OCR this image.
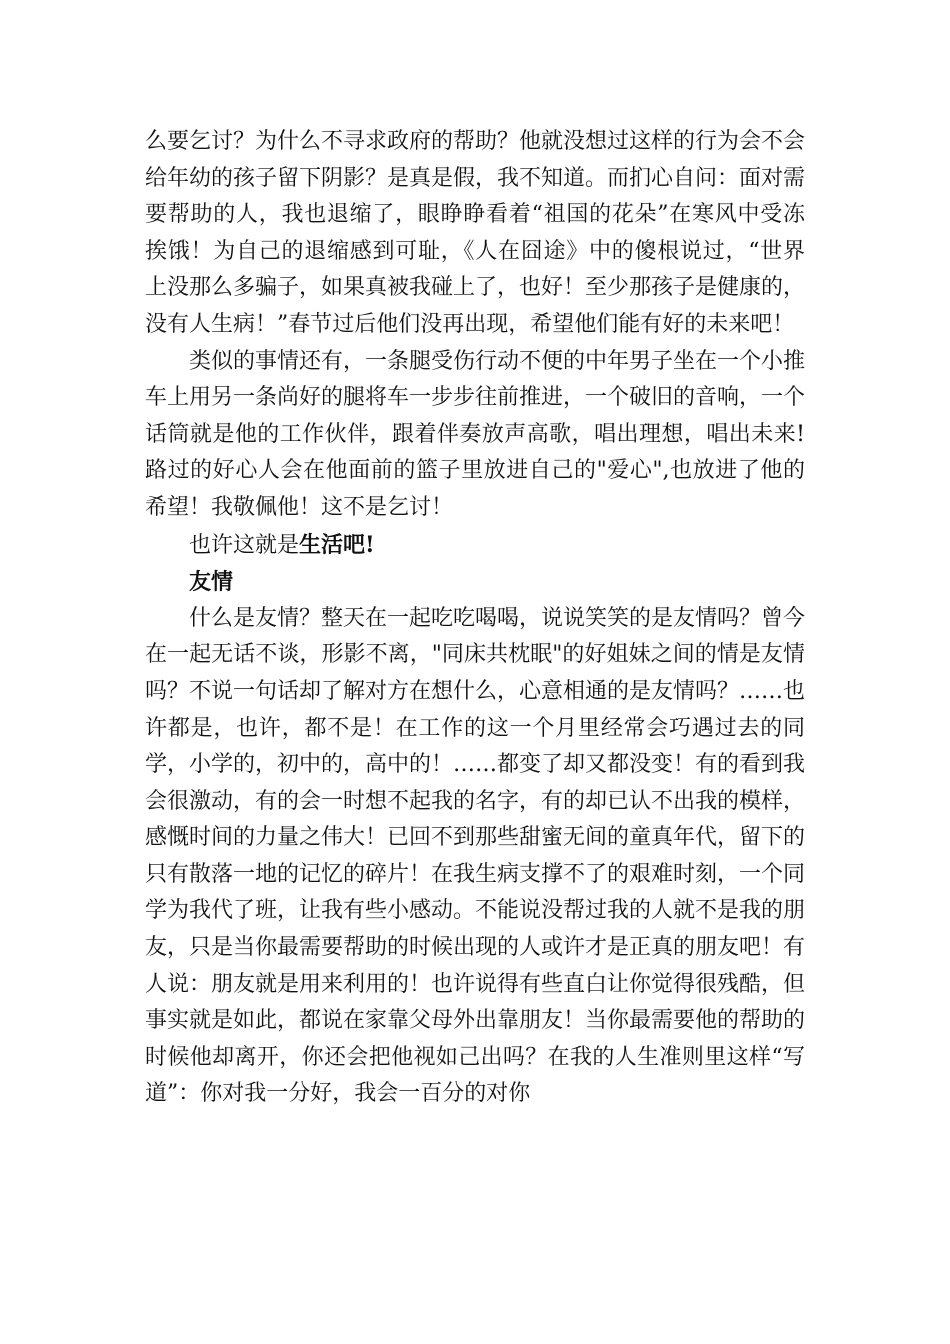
么要乞讨？为什么不寻求政府的帮助？他就没想过这样的行为会不会给年幼的孩子留下阴影？是真是假，我不知道。而扪心自问：面对需要帮助的人，我也退缩了，眼睁睁看着“祖国的花朵”在寒风中受冻挨饿！为自己的退缩感到可耻，《人在囧途》中的傻根说过，“世界上没那么多骗子，如果真被我碰上了，也好！至少那孩子是健康的，没有人生病！”春节过后他们没再出现，希望他们能有好的未来吧！

类似的事情还有，一条腿受伤行动不便的中年男子坐在一个小推车上用另一条尚好的腿将车一步步往前推进，一个破旧的音响，一个话筒就是他的工作伙伴，跟着伴奏放声高歌，唱出理想，唱出未来!路过的好心人会在他面前的篮子里放进自己的"爱心",也放进了他的希望！我敬佩他！这不是乞讨！

也许这就是生活吧!

友情

什么是友情？整天在一起吃吃喝喝，说说笑笑的是友情吗？曾今在一起无话不谈，形影不离，"同床共枕眠"的好姐妹之间的情是友情吗？不说一句话却了解对方在想什么，心意相通的是友情吗？……也许都是，也许，都不是！在工作的这一个月里经常会巧遇过去的同学，小学的，初中的，高中的！……都变了却又都没变！有的看到我会很激动，有的会一时想不起我的名字，有的却已认不出我的模样，感慨时间的力量之伟大！已回不到那些甜蜜无间的童真年代，留下的只有散落一地的记忆的碎片！在我生病支撑不了的艰难时刻，一个同学为我代了班，让我有些小感动。不能说没帮过我的人就不是我的朋友，只是当你最需要帮助的时候出现的人或许才是正真的朋友吧！有人说：朋友就是用来利用的！也许说得有些直白让你觉得很残酷，但事实就是如此，都说在家靠父母外出靠朋友！当你最需要他的帮助的时候他却离开，你还会把他视如己出吗？在我的人生准则里这样“写道”：你对我一分好，我会一百分的对你
